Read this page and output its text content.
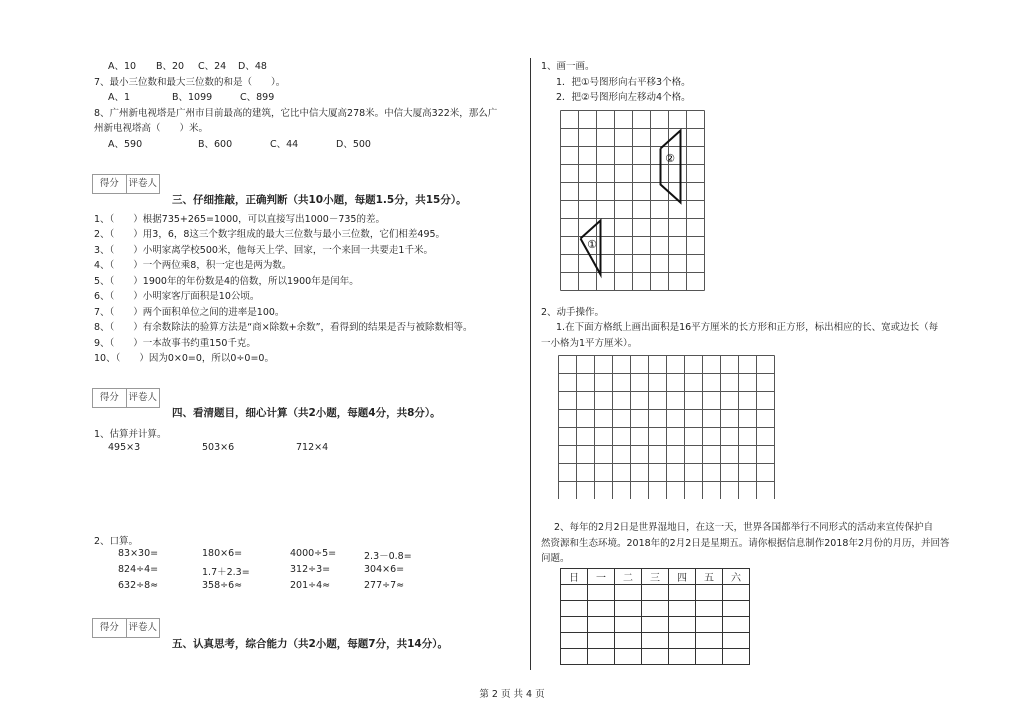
A、10 B、20 C、24 D、48
7、最小三位数和最大三位数的和是（　　）。
A、1	B、1099	C、899
8、广州新电视塔是广州市目前最高的建筑，它比中信大厦高278米。中信大厦高322米，那么广
州新电视塔高（　　）米。
A、590	B、600	C、44	D、500
得分	评卷人
三、仔细推敲，正确判断（共10小题，每题1.5分，共15分）。
1、（　　）根据735+265=1000，可以直接写出1000－735的差。
2、（　　）用3，6，8这三个数字组成的最大三位数与最小三位数，它们相差495。
3、（　　）小明家离学校500米，他每天上学、回家，一个来回一共要走1千米。
4、（　　）一个两位乘8，积一定也是两为数。
5、（　　）1900年的年份数是4的倍数，所以1900年是闰年。
6、（　　）小明家客厅面积是10公顷。
7、（　　）两个面积单位之间的进率是100。
8、（　　）有余数除法的验算方法是“商×除数+余数”，看得到的结果是否与被除数相等。
9、（　　）一本故事书约重150千克。
10、（　　）因为0×0=0，所以0÷0=0。
得分	评卷人
四、看清题目，细心计算（共2小题，每题4分，共8分）。
1、估算并计算。
495×3	503×6	712×4
2、口算。
83×30=	180×6=	4000÷5=	2.3－0.8=
824÷4=	1.7＋2.3=	312÷3=	304×6=
632÷8≈	358÷6≈	201÷4≈	277÷7≈
得分	评卷人
五、认真思考，综合能力（共2小题，每题7分，共14分）。
1、画一画。
1．把①号图形向右平移3个格。
2．把②号图形向左移动4个格。
①
②
2、动手操作。
1.在下面方格纸上画出面积是16平方厘米的长方形和正方形，标出相应的长、宽或边长（每
一小格为1平方厘米）。
2、每年的2月2日是世界湿地日，在这一天，世界各国都举行不同形式的活动来宣传保护自
然资源和生态环境。2018年的2月2日是星期五。请你根据信息制作2018年2月份的月历，并回答
问题。
日	一	二	三	四	五	六

第 2 页 共 4 页
